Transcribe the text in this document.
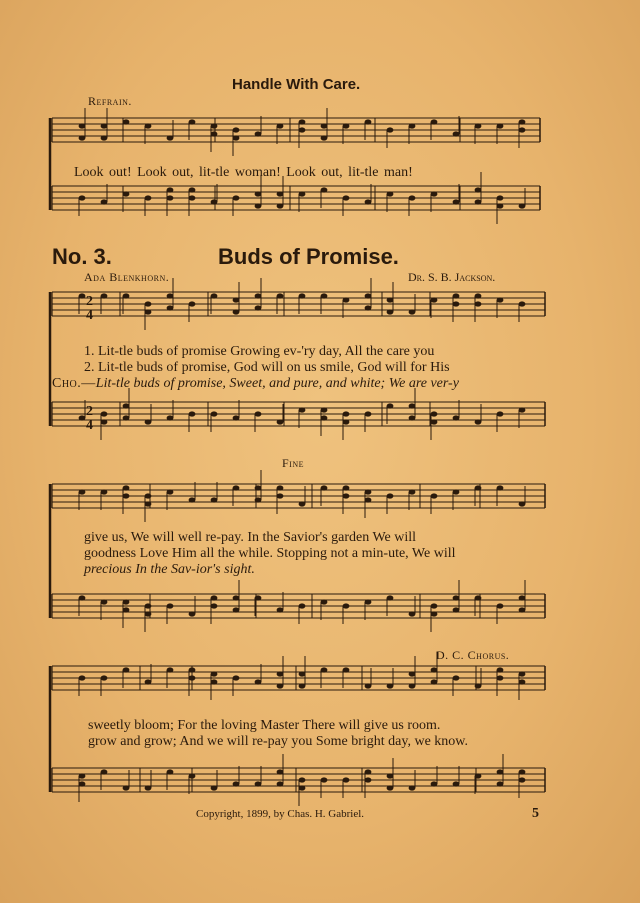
Handle With Care.
Refrain.
Look out! Look out, lit-tle woman! Look out, lit-tle man!
No. 3.	Buds of Promise.
Ada Blenkhorn.	Dr. S. B. Jackson.
1. Lit-tle buds of promise Growing ev-'ry day, All the care you
2. Lit-tle buds of promise, God will on us smile, God will for His
Cho.—Lit-tle buds of promise, Sweet, and pure, and white; We are ver-y
Fine
give us, We will well re-pay. In the Savior's garden We will
goodness Love Him all the while. Stopping not a min-ute, We will
precious In the Sav-ior's sight.
D. C. Chorus.
sweetly bloom; For the loving Master There will give us room.
grow and grow; And we will re-pay you Some bright day, we know.
Copyright, 1899, by Chas. H. Gabriel.	5
2
4
2
4
